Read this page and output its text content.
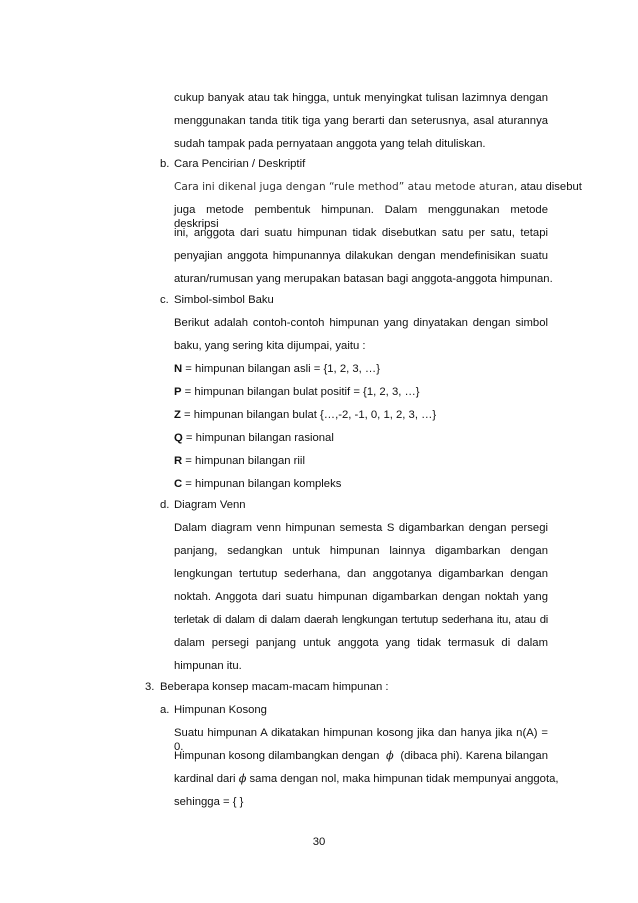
cukup banyak atau tak hingga, untuk menyingkat tulisan lazimnya dengan
menggunakan tanda titik tiga yang berarti dan seterusnya, asal aturannya
sudah tampak pada pernyataan anggota yang telah dituliskan.
b. Cara Pencirian / Deskriptif
Cara ini dikenal juga dengan “rule method” atau metode aturan, atau disebut
juga metode pembentuk himpunan. Dalam menggunakan metode deskripsi
ini, anggota dari suatu himpunan tidak disebutkan satu per satu, tetapi
penyajian anggota himpunannya dilakukan dengan mendefinisikan suatu
aturan/rumusan yang merupakan batasan bagi anggota-anggota himpunan.
c. Simbol-simbol Baku
Berikut adalah contoh-contoh himpunan yang dinyatakan dengan simbol
baku, yang sering kita dijumpai, yaitu :
N = himpunan bilangan asli = {1, 2, 3, …}
P = himpunan bilangan bulat positif = {1, 2, 3, …}
Z = himpunan bilangan bulat {…,-2, -1, 0, 1, 2, 3, …}
Q = himpunan bilangan rasional
R = himpunan bilangan riil
C = himpunan bilangan kompleks
d. Diagram Venn
Dalam diagram venn himpunan semesta S digambarkan dengan persegi
panjang, sedangkan untuk himpunan lainnya digambarkan dengan
lengkungan tertutup sederhana, dan anggotanya digambarkan dengan
noktah. Anggota dari suatu himpunan digambarkan dengan noktah yang
terletak di dalam di dalam daerah lengkungan tertutup sederhana itu, atau di
dalam persegi panjang untuk anggota yang tidak termasuk di dalam
himpunan itu.
3. Beberapa konsep macam-macam himpunan :
a. Himpunan Kosong
Suatu himpunan A dikatakan himpunan kosong jika dan hanya jika n(A) = 0.
Himpunan kosong dilambangkan dengan ϕ (dibaca phi). Karena bilangan
kardinal dari ϕ sama dengan nol, maka himpunan tidak mempunyai anggota,
sehingga = { }
30
